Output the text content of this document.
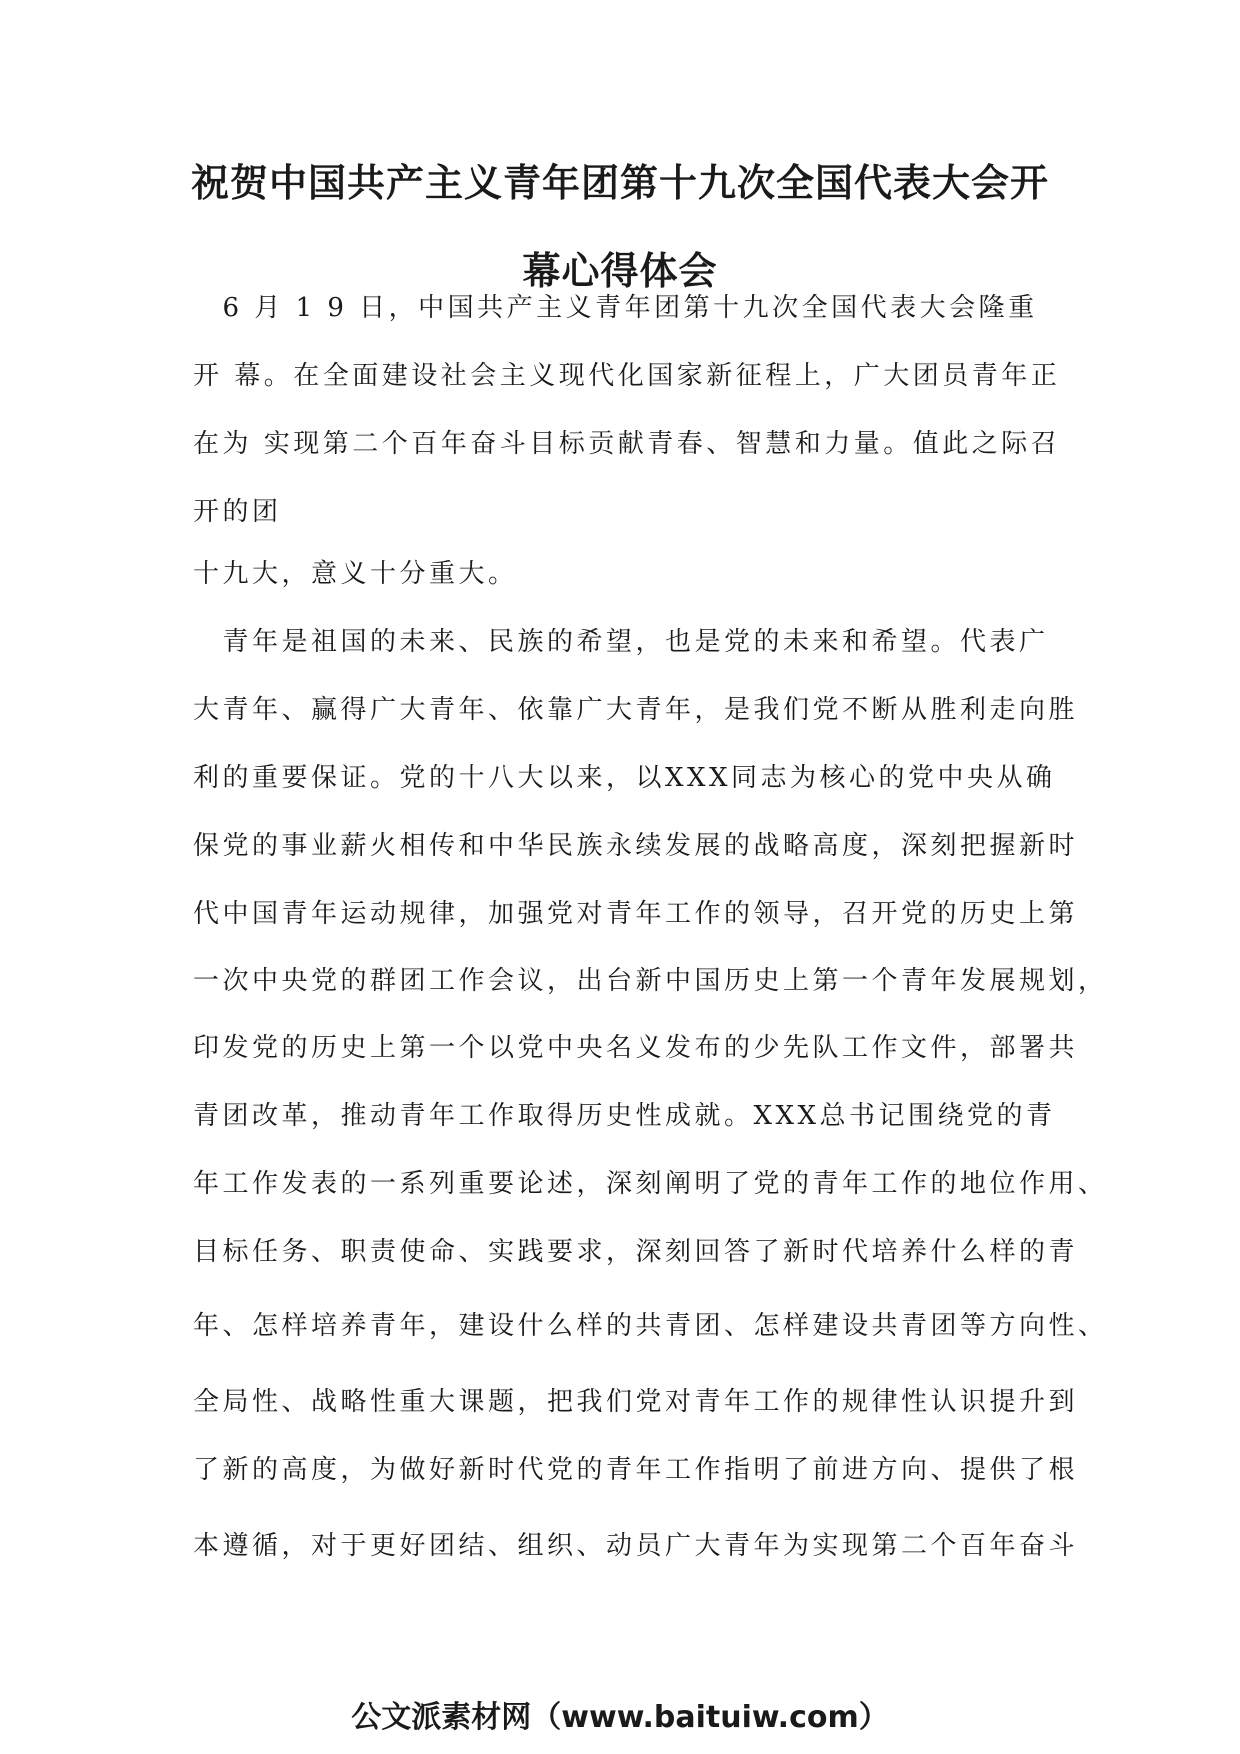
祝贺中国共产主义青年团第十九次全国代表大会开
幕心得体会
　6 月 1 9 日，中国共产主义青年团第十九次全国代表大会隆重
开 幕。在全面建设社会主义现代化国家新征程上，广大团员青年正
在为 实现第二个百年奋斗目标贡献青春、智慧和力量。值此之际召
开的团
十九大，意义十分重大。
　青年是祖国的未来、民族的希望，也是党的未来和希望。代表广
大青年、赢得广大青年、依靠广大青年，是我们党不断从胜利走向胜
利的重要保证。党的十八大以来，以XXX同志为核心的党中央从确
保党的事业薪火相传和中华民族永续发展的战略高度，深刻把握新时
代中国青年运动规律，加强党对青年工作的领导，召开党的历史上第
一次中央党的群团工作会议，出台新中国历史上第一个青年发展规划，
印发党的历史上第一个以党中央名义发布的少先队工作文件，部署共
青团改革，推动青年工作取得历史性成就。XXX总书记围绕党的青
年工作发表的一系列重要论述，深刻阐明了党的青年工作的地位作用、
目标任务、职责使命、实践要求，深刻回答了新时代培养什么样的青
年、怎样培养青年，建设什么样的共青团、怎样建设共青团等方向性、
全局性、战略性重大课题，把我们党对青年工作的规律性认识提升到
了新的高度，为做好新时代党的青年工作指明了前进方向、提供了根
本遵循，对于更好团结、组织、动员广大青年为实现第二个百年奋斗
公文派素材网（www.baituiw.com）
